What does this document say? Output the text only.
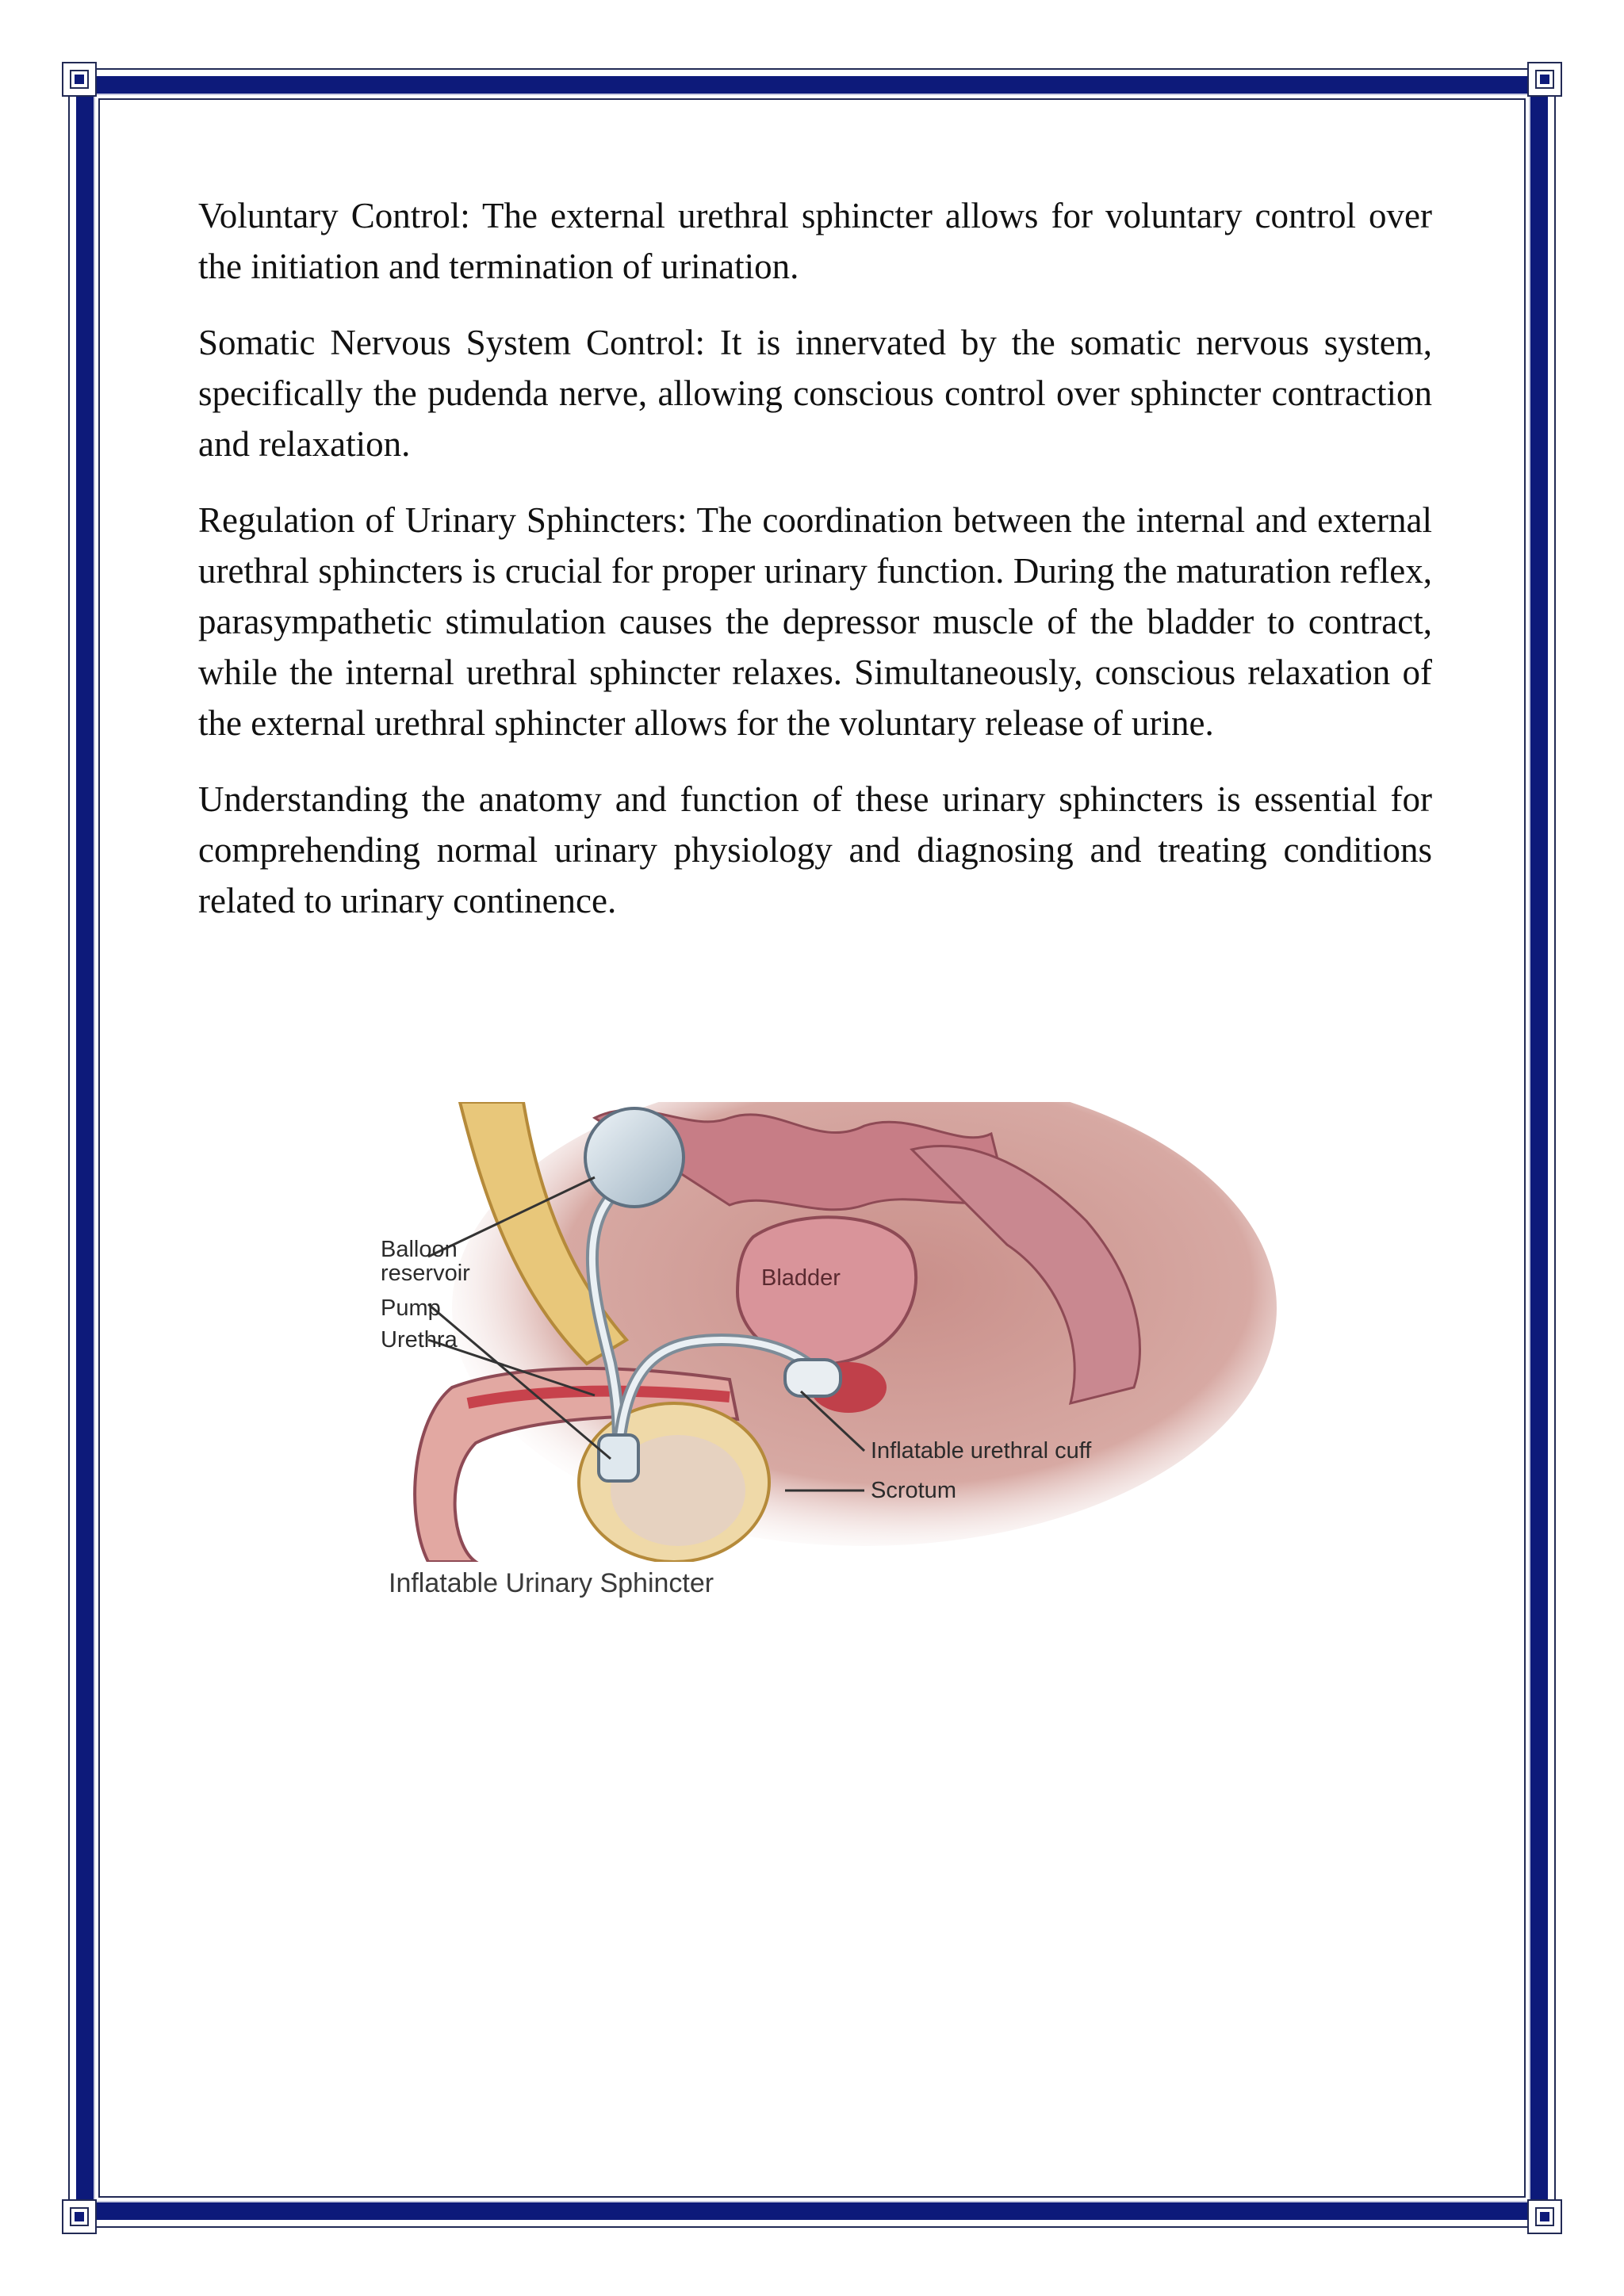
Voluntary Control: The external urethral sphincter allows for voluntary control over the initiation and termination of urination.

Somatic Nervous System Control: It is innervated by the somatic nervous system, specifically the pudenda nerve, allowing conscious control over sphincter contraction and relaxation.

Regulation of Urinary Sphincters: The coordination between the internal and external urethral sphincters is crucial for proper urinary function. During the maturation reflex, parasympathetic stimulation causes the depressor muscle of the bladder to contract, while the internal urethral sphincter relaxes. Simultaneously, conscious relaxation of the external urethral sphincter allows for the voluntary release of urine.

Understanding the anatomy and function of these urinary sphincters is essential for comprehending normal urinary physiology and diagnosing and treating conditions related to urinary continence.

Balloon
reservoir
Pump
Urethra
Bladder
Inflatable urethral cuff
Scrotum
Inflatable Urinary Sphincter
